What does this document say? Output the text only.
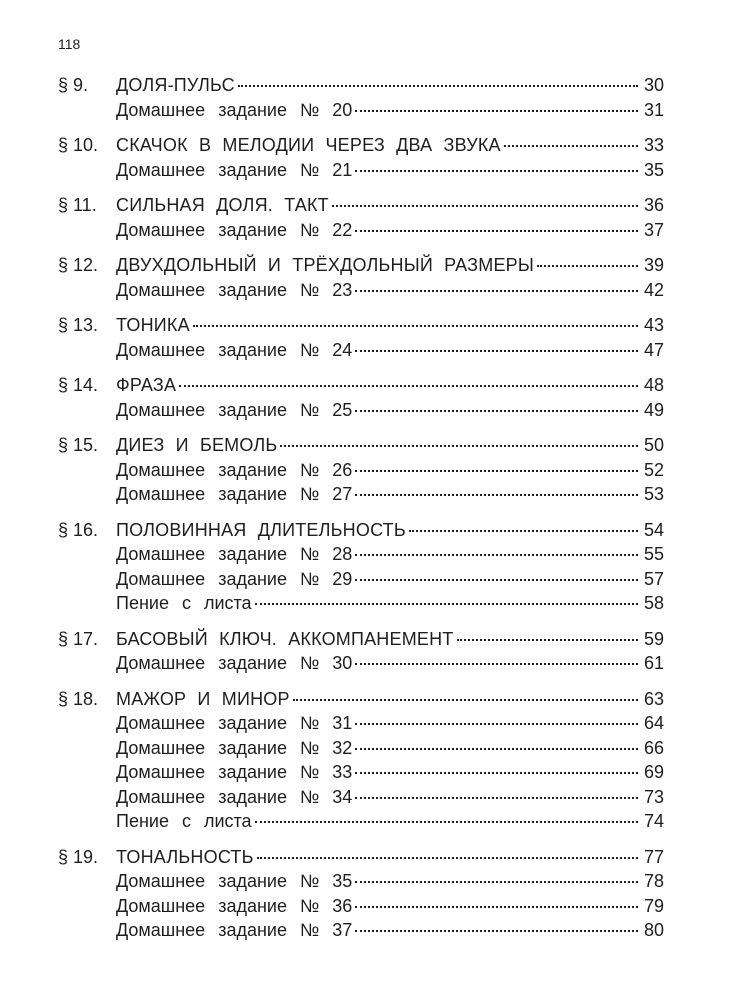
118
§ 9.	ДОЛЯ-ПУЛЬС	30
Домашнее задание № 20	31
§ 10. СКАЧОК В МЕЛОДИИ ЧЕРЕЗ ДВА ЗВУКА	33
Домашнее задание № 21	35
§ 11.	СИЛЬНАЯ ДОЛЯ. ТАКТ	36
Домашнее задание № 22	37
§ 12. ДВУХДОЛЬНЫЙ И ТРЁХДОЛЬНЫЙ РАЗМЕРЫ	39
Домашнее задание № 23	42
§ 13. ТОНИКА	43
Домашнее задание № 24	47
§ 14. ФРАЗА	48
Домашнее задание № 25	49
§ 15. ДИЕЗ И БЕМОЛЬ	50
Домашнее задание № 26	52
Домашнее задание № 27	53
§ 16. ПОЛОВИННАЯ ДЛИТЕЛЬНОСТЬ	54
Домашнее задание № 28	55
Домашнее задание № 29	57
Пение с листа	58
§ 17. БАСОВЫЙ КЛЮЧ. АККОМПАНЕМЕНТ	59
Домашнее задание № 30	61
§ 18. МАЖОР И МИНОР	63
Домашнее задание № 31	64
Домашнее задание № 32	66
Домашнее задание № 33	69
Домашнее задание № 34	73
Пение с листа	74
§ 19. ТОНАЛЬНОСТЬ	77
Домашнее задание № 35	78
Домашнее задание № 36	79
Домашнее задание № 37	80
